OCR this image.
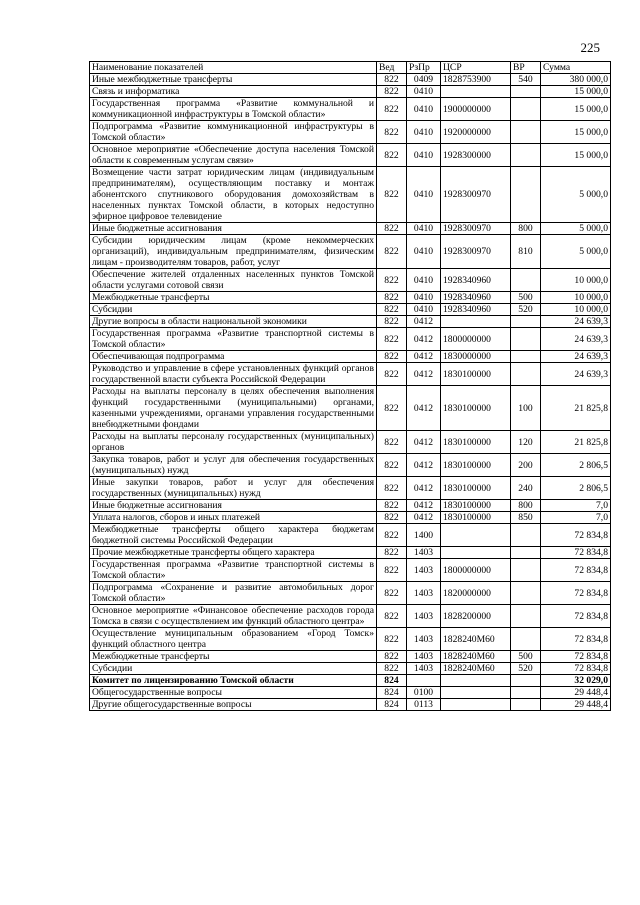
225
Наименование показателей	Вед	РзПр	ЦСР	ВР	Сумма
Иные межбюджетные трансферты	822	0409	1828753900	540	380 000,0
Связь и информатика	822	0410			15 000,0
Государственная программа «Развитие коммунальной и коммуникационной инфраструктуры в Томской области»	822	0410	1900000000		15 000,0
Подпрограмма «Развитие коммуникационной инфраструктуры в Томской области»	822	0410	1920000000		15 000,0
Основное мероприятие «Обеспечение доступа населения Томской области к современным услугам связи»	822	0410	1928300000		15 000,0
Возмещение части затрат юридическим лицам (индивидуальным предпринимателям), осуществляющим поставку и монтаж абонентского спутникового оборудования домохозяйствам в населенных пунктах Томской области, в которых недоступно эфирное цифровое телевидение	822	0410	1928300970		5 000,0
Иные бюджетные ассигнования	822	0410	1928300970	800	5 000,0
Субсидии юридическим лицам (кроме некоммерческих организаций), индивидуальным предпринимателям, физическим лицам - производителям товаров, работ, услуг	822	0410	1928300970	810	5 000,0
Обеспечение жителей отдаленных населенных пунктов Томской области услугами сотовой связи	822	0410	1928340960		10 000,0
Межбюджетные трансферты	822	0410	1928340960	500	10 000,0
Субсидии	822	0410	1928340960	520	10 000,0
Другие вопросы в области национальной экономики	822	0412			24 639,3
Государственная программа «Развитие транспортной системы в Томской области»	822	0412	1800000000		24 639,3
Обеспечивающая подпрограмма	822	0412	1830000000		24 639,3
Руководство и управление в сфере установленных функций органов государственной власти субъекта Российской Федерации	822	0412	1830100000		24 639,3
Расходы на выплаты персоналу в целях обеспечения выполнения функций государственными (муниципальными) органами, казенными учреждениями, органами управления государственными внебюджетными фондами	822	0412	1830100000	100	21 825,8
Расходы на выплаты персоналу государственных (муниципальных) органов	822	0412	1830100000	120	21 825,8
Закупка товаров, работ и услуг для обеспечения государственных (муниципальных) нужд	822	0412	1830100000	200	2 806,5
Иные закупки товаров, работ и услуг для обеспечения государственных (муниципальных) нужд	822	0412	1830100000	240	2 806,5
Иные бюджетные ассигнования	822	0412	1830100000	800	7,0
Уплата налогов, сборов и иных платежей	822	0412	1830100000	850	7,0
Межбюджетные трансферты общего характера бюджетам бюджетной системы Российской Федерации	822	1400			72 834,8
Прочие межбюджетные трансферты общего характера	822	1403			72 834,8
Государственная программа «Развитие транспортной системы в Томской области»	822	1403	1800000000		72 834,8
Подпрограмма «Сохранение и развитие автомобильных дорог Томской области»	822	1403	1820000000		72 834,8
Основное мероприятие «Финансовое обеспечение расходов города Томска в связи с осуществлением им функций областного центра»	822	1403	1828200000		72 834,8
Осуществление муниципальным образованием «Город Томск» функций областного центра	822	1403	1828240М60		72 834,8
Межбюджетные трансферты	822	1403	1828240М60	500	72 834,8
Субсидии	822	1403	1828240М60	520	72 834,8
Комитет по лицензированию Томской области	824				32 029,0
Общегосударственные вопросы	824	0100			29 448,4
Другие общегосударственные вопросы	824	0113			29 448,4
